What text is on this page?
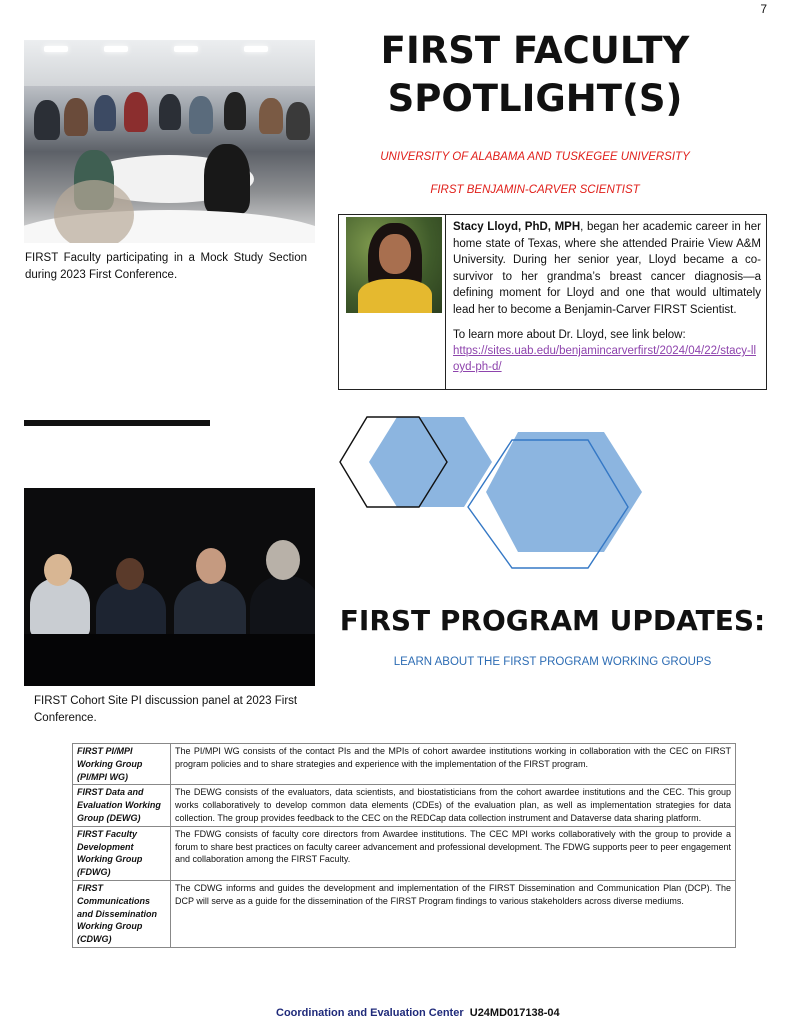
7
FIRST Faculty participating in a Mock Study Section during 2023 First Conference.
FIRST FACULTY
SPOTLIGHT(S)
UNIVERSITY OF ALABAMA AND TUSKEGEE UNIVERSITY
FIRST BENJAMIN-CARVER SCIENTIST
Stacy Lloyd, PhD, MPH, began her academic career in her home state of Texas, where she attended Prairie View A&M University. During her senior year, Lloyd became a co-survivor to her grandma’s breast cancer diagnosis—a defining moment for Lloyd and one that would ultimately lead her to become a Benjamin-Carver FIRST Scientist.
To learn more about Dr. Lloyd, see link below:
https://sites.uab.edu/benjamincarverfirst/2024/04/22/stacy-lloyd-ph-d/
FIRST Cohort Site PI discussion panel at 2023 First Conference.
FIRST PROGRAM UPDATES:
LEARN ABOUT THE FIRST PROGRAM WORKING GROUPS
FIRST PI/MPI Working Group (PI/MPI WG)	The PI/MPI WG consists of the contact PIs and the MPIs of cohort awardee institutions working in collaboration with the CEC on FIRST program policies and to share strategies and experience with the implementation of the FIRST program.
FIRST Data and Evaluation Working Group (DEWG)	The DEWG consists of the evaluators, data scientists, and biostatisticians from the cohort awardee institutions and the CEC. This group works collaboratively to develop common data elements (CDEs) of the evaluation plan, as well as implementation strategies for data collection. The group provides feedback to the CEC on the REDCap data collection instrument and Dataverse data sharing platform.
FIRST Faculty Development Working Group (FDWG)	The FDWG consists of faculty core directors from Awardee institutions. The CEC MPI works collaboratively with the group to provide a forum to share best practices on faculty career advancement and professional development. The FDWG supports peer to peer engagement and collaboration among the FIRST Faculty.
FIRST Communications and Dissemination Working Group (CDWG)	The CDWG informs and guides the development and implementation of the FIRST Dissemination and Communication Plan (DCP). The DCP will serve as a guide for the dissemination of the FIRST Program findings to various stakeholders across diverse mediums.
Coordination and Evaluation Center U24MD017138-04
